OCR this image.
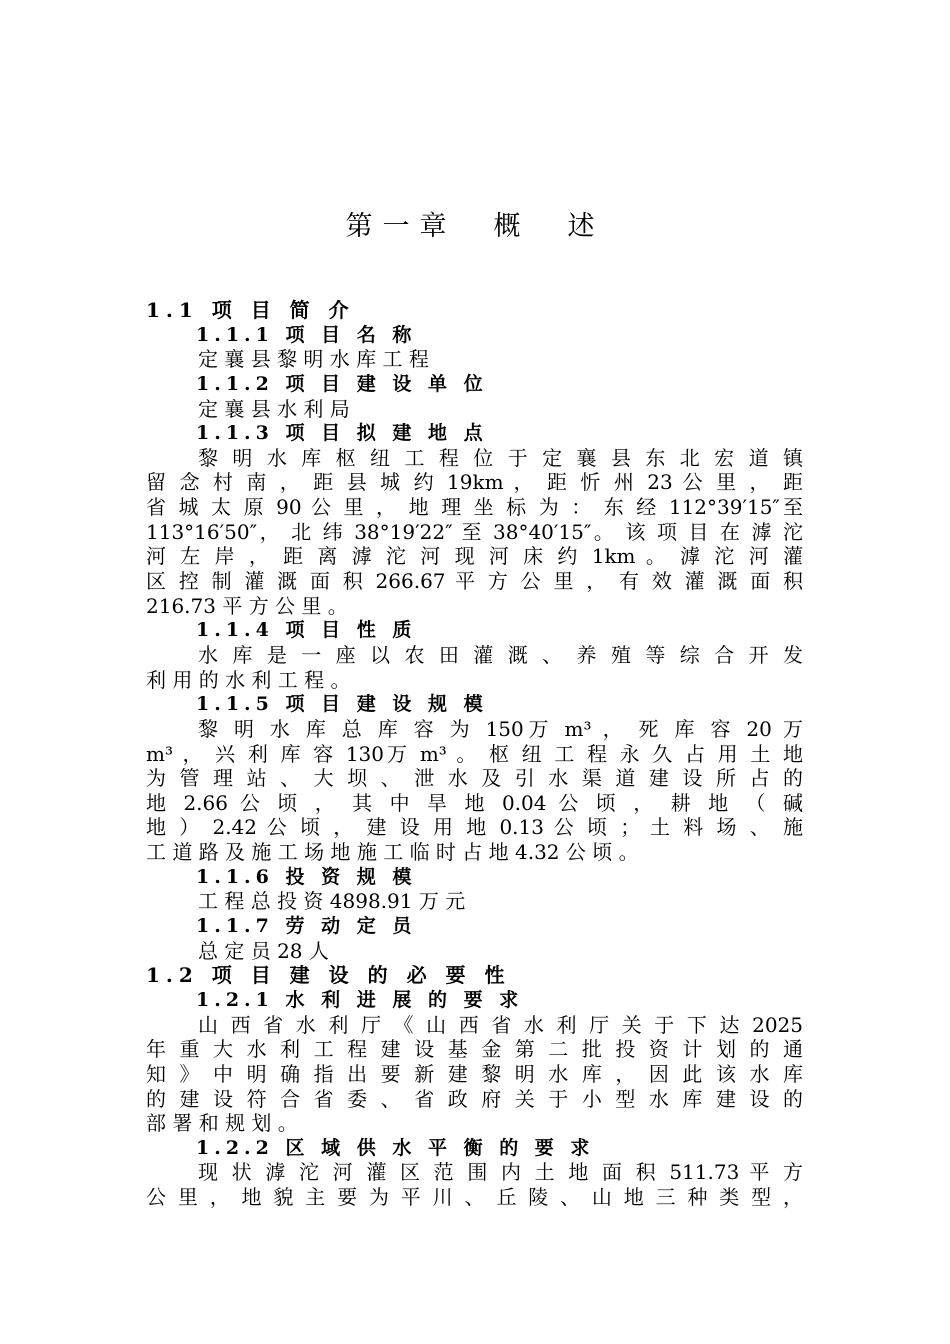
第一章　概　述
1.1 项 目 简 介
1.1.1 项 目 名 称
定 襄 县 黎 明 水 库 工 程
1.1.2 项 目 建 设 单 位
定 襄 县 水 利 局
1.1.3 项 目 拟 建 地 点
黎 明 水 库 枢 纽 工 程 位 于 定 襄 县 东 北 宏 道 镇
留 念 村 南 ， 距 县 城 约 19km ， 距 忻 州 23 公 里 ， 距
省 城 太 原 90 公 里 ， 地 理 坐 标 为 ： 东 经 112°39′15″至
113°16′50″， 北 纬 38°19′22″ 至 38°40′15″。 该 项 目 在 滹 沱
河 左 岸 ， 距 离 滹 沱 河 现 河 床 约 1km 。 滹 沱 河 灌
区 控 制 灌 溉 面 积 266.67 平 方 公 里 ， 有 效 灌 溉 面 积
216.73 平 方 公 里 。
1.1.4 项 目 性 质
水 库 是 一 座 以 农 田 灌 溉 、 养 殖 等 综 合 开 发
利 用 的 水 利 工 程 。
1.1.5 项 目 建 设 规 模
黎 明 水 库 总 库 容 为 150万 m³ ， 死 库 容 20 万
m³ ， 兴 利 库 容 130万 m³ 。 枢 纽 工 程 永 久 占 用 土 地
为 管 理 站 、 大 坝 、 泄 水 及 引 水 渠 道 建 设 所 占 的
地 2.66 公 顷 ， 其 中 旱 地 0.04 公 顷 ， 耕 地 （ 碱
地 ） 2.42 公 顷 ， 建 设 用 地 0.13 公 顷 ； 土 料 场 、 施
工 道 路 及 施 工 场 地 施 工 临 时 占 地 4.32 公 顷 。
1.1.6 投 资 规 模
工 程 总 投 资 4898.91 万 元
1.1.7 劳 动 定 员
总 定 员 28 人
1.2 项 目 建 设 的 必 要 性
1.2.1 水 利 进 展 的 要 求
山 西 省 水 利 厅 《 山 西 省 水 利 厅 关 于 下 达 2025
年 重 大 水 利 工 程 建 设 基 金 第 二 批 投 资 计 划 的 通
知 》 中 明 确 指 出 要 新 建 黎 明 水 库 ， 因 此 该 水 库
的 建 设 符 合 省 委 、 省 政 府 关 于 小 型 水 库 建 设 的
部 署 和 规 划 。
1.2.2 区 域 供 水 平 衡 的 要 求
现 状 滹 沱 河 灌 区 范 围 内 土 地 面 积 511.73 平 方
公 里 ， 地 貌 主 要 为 平 川 、 丘 陵 、 山 地 三 种 类 型 ，
